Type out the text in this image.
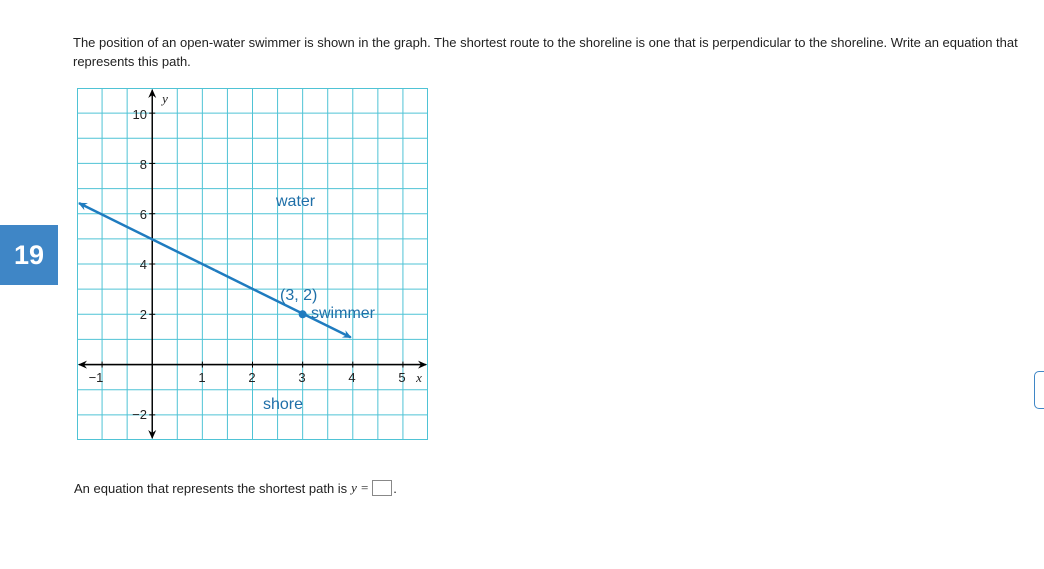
The position of an open-water swimmer is shown in the graph. The shortest route to the shoreline is one that is perpendicular to the shoreline. Write an equation that represents this path.
19
−1	1	2	3	4	5 x
10
8
6
4
2
−2
y
water
(3, 2)
swimmer
shore
An equation that represents the shortest path is y = .
